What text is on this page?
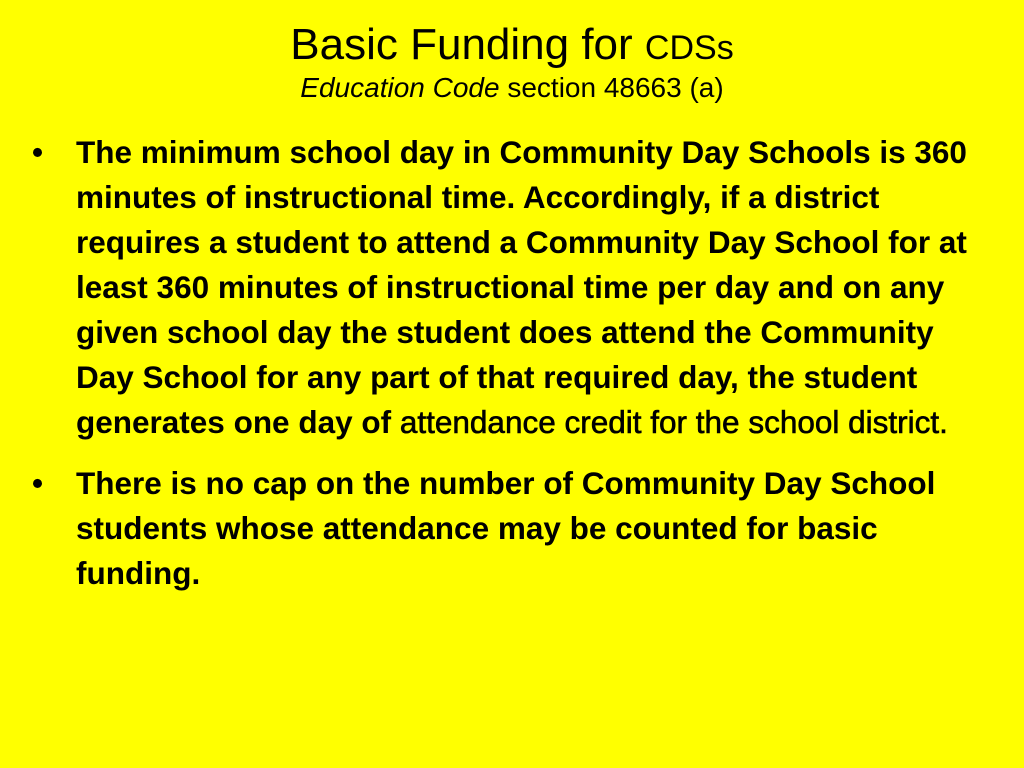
Basic Funding for CDSs

Education Code section 48663 (a)

• The minimum school day in Community Day Schools is 360 minutes of instructional time. Accordingly, if a district requires a student to attend a Community Day School for at least 360 minutes of instructional time per day and on any given school day the student does attend the Community Day School for any part of that required day, the student generates one day of attendance credit for the school district.
• There is no cap on the number of Community Day School students whose attendance may be counted for basic funding.
